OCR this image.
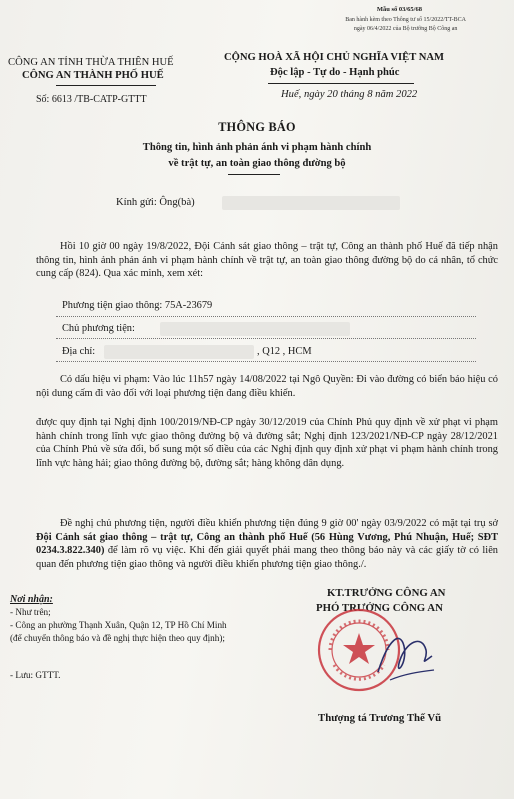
Mẫu số 03/65/68
Ban hành kèm theo Thông tư số 15/2022/TT-BCA
ngày 06/4/2022 của Bộ trưởng Bộ Công an
CÔNG AN TỈNH THỪA THIÊN HUẾ
CÔNG AN THÀNH PHỐ HUẾ
CỘNG HOÀ XÃ HỘI CHỦ NGHĨA VIỆT NAM
Độc lập - Tự do - Hạnh phúc
Số: 6613 /TB-CATP-GTTT	Huế, ngày 20 tháng 8 năm 2022
THÔNG BÁO
Thông tin, hình ảnh phản ánh vi phạm hành chính
về trật tự, an toàn giao thông đường bộ
Kính gửi: Ông(bà)
Hồi 10 giờ 00 ngày 19/8/2022, Đội Cảnh sát giao thông – trật tự, Công an thành phố Huế đã tiếp nhận thông tin, hình ảnh phản ánh vi phạm hành chính về trật tự, an toàn giao thông đường bộ do cá nhân, tổ chức cung cấp (824). Qua xác minh, xem xét:
Phương tiện giao thông: 75A-23679
Chủ phương tiện:
Địa chỉ:	, Q12 , HCM
Có dấu hiệu vi phạm: Vào lúc 11h57 ngày 14/08/2022 tại Ngô Quyền: Đi vào đường có biển báo hiệu có nội dung cấm đi vào đối với loại phương tiện đang điều khiển.
được quy định tại Nghị định 100/2019/NĐ-CP ngày 30/12/2019 của Chính Phủ quy định về xử phạt vi phạm hành chính trong lĩnh vực giao thông đường bộ và đường sắt; Nghị định 123/2021/NĐ-CP ngày 28/12/2021 của Chính Phủ về sửa đổi, bổ sung một số điều của các Nghị định quy định xử phạt vi phạm hành chính trong lĩnh vực hàng hải; giao thông đường bộ, đường sắt; hàng không dân dụng.
Đề nghị chủ phương tiện, người điều khiển phương tiện đúng 9 giờ 00' ngày 03/9/2022 có mặt tại trụ sở Đội Cảnh sát giao thông – trật tự, Công an thành phố Huế (56 Hùng Vương, Phú Nhuận, Huế; SĐT 0234.3.822.340) để làm rõ vụ việc. Khi đến giải quyết phải mang theo thông báo này và các giấy tờ có liên quan đến phương tiện giao thông và người điều khiển phương tiện giao thông./.
Nơi nhận:
- Như trên;
- Công an phường Thạnh Xuân, Quận 12, TP Hồ Chí Minh (để chuyển thông báo và đề nghị thực hiện theo quy định);
- Lưu: GTTT.
KT.TRƯỞNG CÔNG AN
PHÓ TRƯỞNG CÔNG AN
Thượng tá Trương Thế Vũ
